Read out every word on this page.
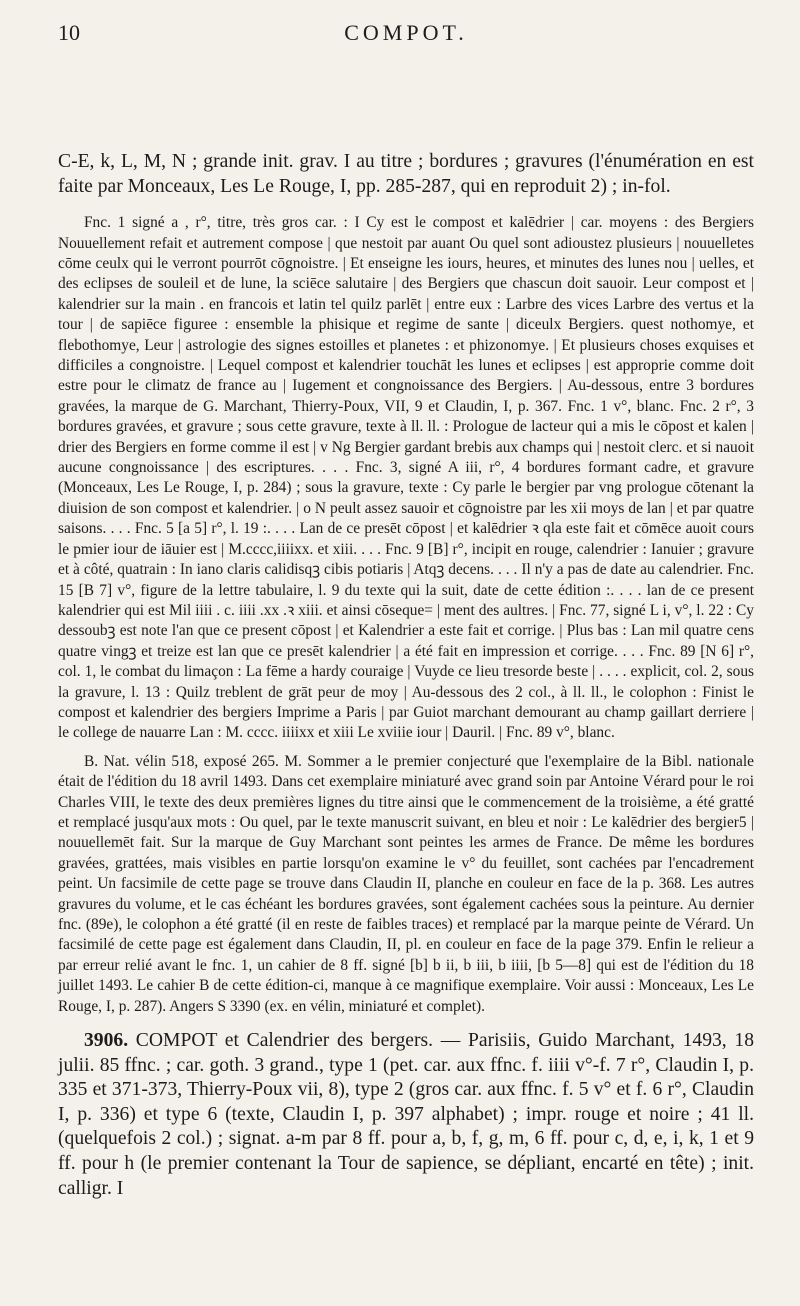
10	COMPOT.

C-E, k, L, M, N ; grande init. grav. I au titre ; bordures ; gravures (l'énumération en est faite par Monceaux, Les Le Rouge, I, pp. 285-287, qui en reproduit 2) ; in-fol.

Fnc. 1 signé a , r°, titre, très gros car. : I Cy est le compost et kalēdrier | car. moyens : des Bergiers Nouuellement refait et autrement compose | que nestoit par auant Ou quel sont adioustez plusieurs | nouuelletes cōme ceulx qui le verront pourrōt cōgnoistre. | Et enseigne les iours, heures, et minutes des lunes nou | uelles, et des eclipses de souleil et de lune, la sciēce salutaire | des Bergiers que chascun doit sauoir. Leur compost et | kalendrier sur la main . en francois et latin tel quilz parlēt | entre eux : Larbre des vices Larbre des vertus et la tour | de sapiēce figuree : ensemble la phisique et regime de sante | diceulx Bergiers. quest nothomye, et flebothomye, Leur | astrologie des signes estoilles et planetes : et phizonomye. | Et plusieurs choses exquises et difficiles a congnoistre. | Lequel compost et kalendrier touchāt les lunes et eclipses | est approprie comme doit estre pour le climatz de france au | Iugement et congnoissance des Bergiers. | Au-dessous, entre 3 bordures gravées, la marque de G. Marchant, Thierry-Poux, VII, 9 et Claudin, I, p. 367. Fnc. 1 v°, blanc. Fnc. 2 r°, 3 bordures gravées, et gravure ; sous cette gravure, texte à ll. ll. : Prologue de lacteur qui a mis le cōpost et kalen | drier des Bergiers en forme comme il est | v Ng Bergier gardant brebis aux champs qui | nestoit clerc. et si nauoit aucune congnoissance | des escriptures. . . . Fnc. 3, signé A iii, r°, 4 bordures formant cadre, et gravure (Monceaux, Les Le Rouge, I, p. 284) ; sous la gravure, texte : Cy parle le bergier par vng prologue cōtenant la diuision de son compost et kalendrier. | o N peult assez sauoir et cōgnoistre par les xii moys de lan | et par quatre saisons. . . . Fnc. 5 [a 5] r°, l. 19 :. . . . Lan de ce presēt cōpost | et kalēdrier ꝛ qla este fait et cōmēce auoit cours le pmier iour de iāuier est | M.cccc,iiiixx. et xiii. . . . Fnc. 9 [B] r°, incipit en rouge, calendrier : Ianuier ; gravure et à côté, quatrain : In iano claris calidisqꝫ cibis potiaris | Atqꝫ decens. . . . Il n'y a pas de date au calendrier. Fnc. 15 [B 7] v°, figure de la lettre tabulaire, l. 9 du texte qui la suit, date de cette édition :. . . . lan de ce present kalendrier qui est Mil iiii . c. iiii .xx .ꝛ xiii. et ainsi cōseque= | ment des aultres. | Fnc. 77, signé L i, v°, l. 22 : Cy dessoubꝫ est note l'an que ce present cōpost | et Kalendrier a este fait et corrige. | Plus bas : Lan mil quatre cens quatre vingꝫ et treize est lan que ce presēt kalendrier | a été fait en impression et corrige. . . . Fnc. 89 [N 6] r°, col. 1, le combat du limaçon : La fēme a hardy couraige | Vuyde ce lieu tresorde beste | . . . . explicit, col. 2, sous la gravure, l. 13 : Quilz treblent de grāt peur de moy | Au-dessous des 2 col., à ll. ll., le colophon : Finist le compost et kalendrier des bergiers Imprime a Paris | par Guiot marchant demourant au champ gaillart derriere | le college de nauarre Lan : M. cccc. iiiixx et xiii Le xviiie iour | Dauril. | Fnc. 89 v°, blanc.

B. Nat. vélin 518, exposé 265. M. Sommer a le premier conjecturé que l'exemplaire de la Bibl. nationale était de l'édition du 18 avril 1493. Dans cet exemplaire miniaturé avec grand soin par Antoine Vérard pour le roi Charles VIII, le texte des deux premières lignes du titre ainsi que le commencement de la troisième, a été gratté et remplacé jusqu'aux mots : Ou quel, par le texte manuscrit suivant, en bleu et noir : Le kalēdrier des bergier5 | nouuellemēt fait. Sur la marque de Guy Marchant sont peintes les armes de France. De même les bordures gravées, grattées, mais visibles en partie lorsqu'on examine le v° du feuillet, sont cachées par l'encadrement peint. Un facsimile de cette page se trouve dans Claudin II, planche en couleur en face de la p. 368. Les autres gravures du volume, et le cas échéant les bordures gravées, sont également cachées sous la peinture. Au dernier fnc. (89e), le colophon a été gratté (il en reste de faibles traces) et remplacé par la marque peinte de Vérard. Un facsimilé de cette page est également dans Claudin, II, pl. en couleur en face de la page 379. Enfin le relieur a par erreur relié avant le fnc. 1, un cahier de 8 ff. signé [b] b ii, b iii, b iiii, [b 5—8] qui est de l'édition du 18 juillet 1493. Le cahier B de cette édition-ci, manque à ce magnifique exemplaire. Voir aussi : Monceaux, Les Le Rouge, I, p. 287). Angers S 3390 (ex. en vélin, miniaturé et complet).

3906. COMPOT et Calendrier des bergers. — Parisiis, Guido Marchant, 1493, 18 julii. 85 ffnc. ; car. goth. 3 grand., type 1 (pet. car. aux ffnc. f. iiii v°-f. 7 r°, Claudin I, p. 335 et 371-373, Thierry-Poux vii, 8), type 2 (gros car. aux ffnc. f. 5 v° et f. 6 r°, Claudin I, p. 336) et type 6 (texte, Claudin I, p. 397 alphabet) ; impr. rouge et noire ; 41 ll. (quelquefois 2 col.) ; signat. a-m par 8 ff. pour a, b, f, g, m, 6 ff. pour c, d, e, i, k, 1 et 9 ff. pour h (le premier contenant la Tour de sapience, se dépliant, encarté en tête) ; init. calligr. I
